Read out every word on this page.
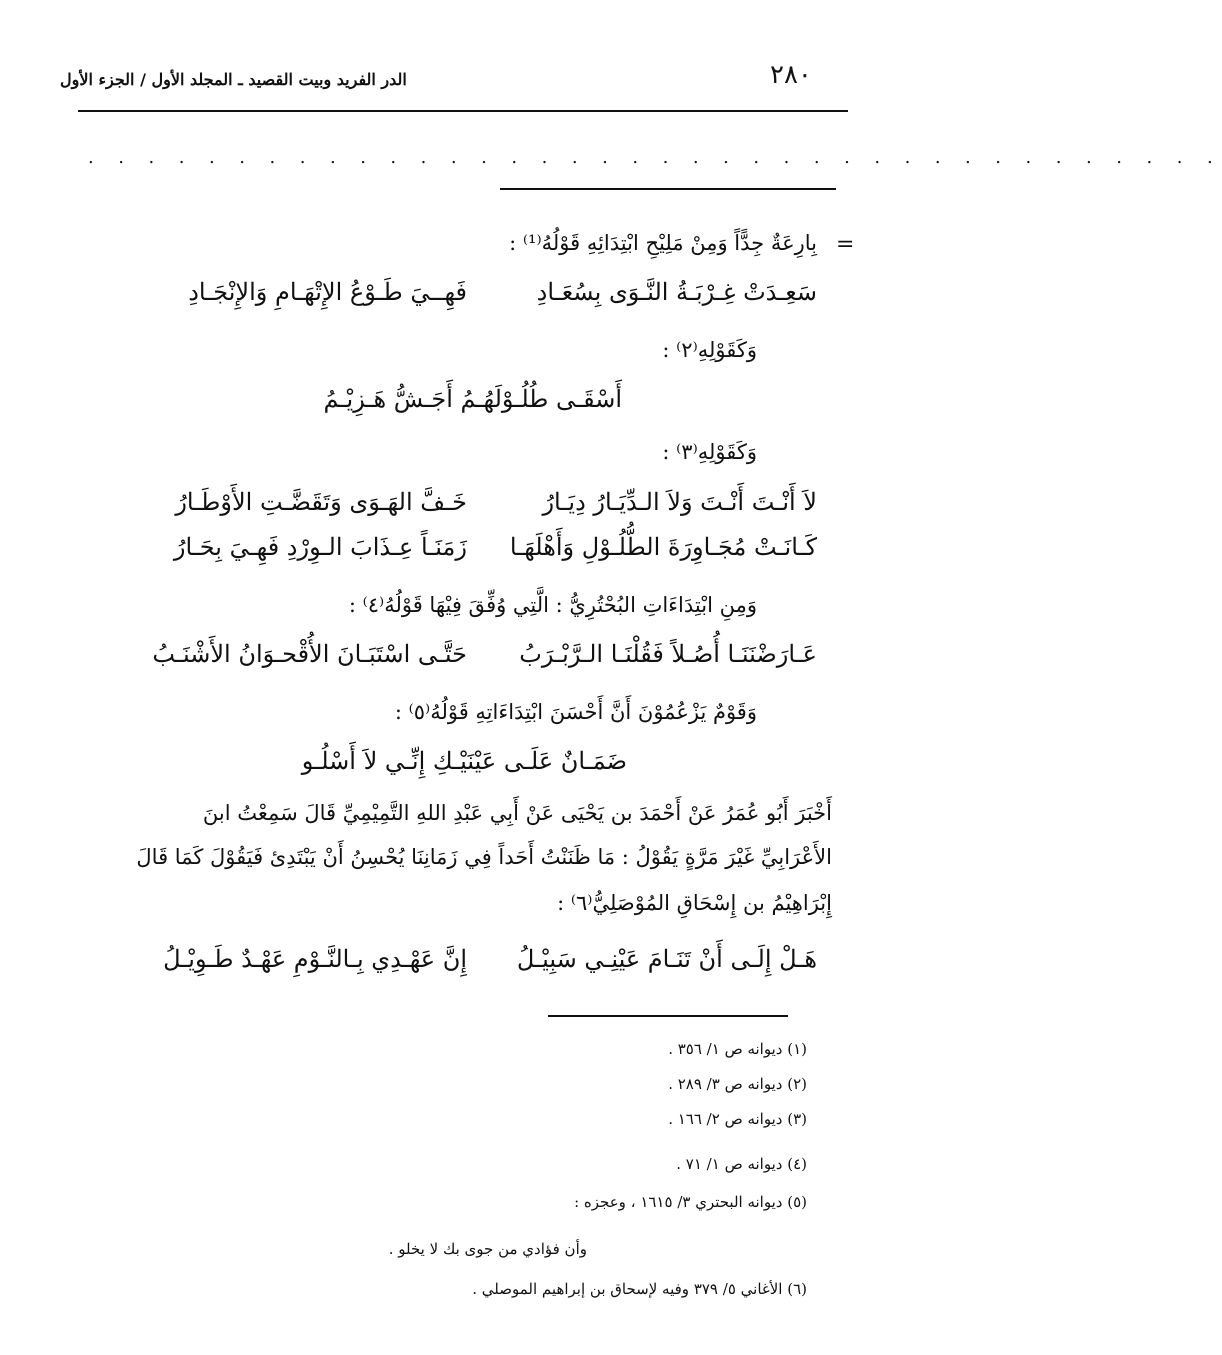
٢٨٠
الدر الفريد وبيت القصيد ـ المجلد الأول / الجزء الأول
. . . . . . . . . . . . . . . . . . . . . . . . . . . . . . . . . . . . . .
=
بِارِعَةٌ جِدًّاً وَمِنْ مَلِيْحِ ابْتِدَائِهِ قَوْلُهُ⁽¹⁾ :
سَعِـدَتْ غِـرْبَـةُ النَّـوَى بِسُعَـادِ
فَهِــيَ طَـوْعُ الإِتْهَـامِ وَالإِنْجَـادِ
وَكَقَوْلِهِ⁽٢⁾ :
أَسْقَـى طُلُـوْلَهُـمُ أَجَـشُّ هَـزِيْـمُ
وَكَقَوْلِهِ⁽٣⁾ :
لاَ أَنْـتَ أَنْـتَ وَلاَ الـدِّيَـارُ دِيَـارُ
خَـفَّ الهَـوَى وَتَقَضَّـتِ الأَوْطَـارُ
كَـانَـتْ مُجَـاوِرَةَ الطُّلُـوْلِ وَأَهْلَهَـا
زَمَنَـاً عِـذَابَ الـوِرْدِ فَهِـيَ بِحَـارُ
وَمِنِ ابْتِدَاءَاتِ البُحْتُرِيُّ : الَّتِي وُفِّقَ فِيْهَا قَوْلُهُ⁽٤⁾ :
عَـارَضْنَنَـا أُصُـلاً فَقُلْنَـا الـرَّبْـرَبُ
حَتَّـى اسْتَبَـانَ الأُقْحـوَانُ الأَشْنَـبُ
وَقَوْمٌ يَزْعُمُوْنَ أَنَّ أَحْسَنَ ابْتِدَاءَاتِهِ قَوْلُهُ⁽٥⁾ :
ضَمَـانٌ عَلَـى عَيْنَيْـكِ إِنِّـي لاَ أَسْلُـو
أَخْبَرَ أَبُو عُمَرُ عَنْ أَحْمَدَ بن يَحْيَى عَنْ أَبِي عَبْدِ اللهِ التَّمِيْمِيِّ قَالَ سَمِعْتُ ابنَ
الأَعْرَابِيِّ غَيْرَ مَرَّةٍ يَقُوْلُ : مَا ظَنَنْتُ أَحَداً فِي زَمَانِنَا يُحْسِنُ أَنْ يَبْتَدِئ فَيَقُوْلَ كَمَا قَالَ
إِبْرَاهِيْمُ بن إِسْحَاقِ المُوْصَلِيُّ⁽٦⁾ :
هَـلْ إِلَـى أَنْ تَنَـامَ عَيْنِـي سَبِيْـلُ
إِنَّ عَهْـدِي بِـالنَّـوْمِ عَهْـدٌ طَـوِيْـلُ
(١) ديوانه ص ١/ ٣٥٦ .
(٢) ديوانه ص ٣/ ٢٨٩ .
(٣) ديوانه ص ٢/ ١٦٦ .
(٤) ديوانه ص ١/ ٧١ .
(٥) ديوانه البحتري ٣/ ١٦١٥ ، وعجزه :
وأن فؤادي من جوى بك لا يخلو .
(٦) الأغاني ٥/ ٣٧٩ وفيه لإسحاق بن إبراهيم الموصلي .
